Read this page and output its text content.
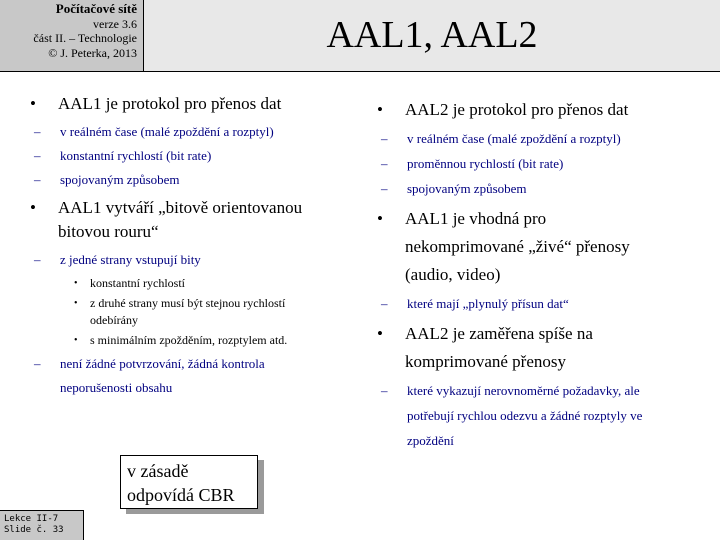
Počítačové sítě
verze 3.6
část II. – Technologie
© J. Peterka, 2013	AAL1, AAL2
• AAL1 je protokol pro přenos dat
– v reálném čase (malé zpoždění a rozptyl)
– konstantní rychlostí (bit rate)
– spojovaným způsobem
• AAL1 vytváří „bitově orientovanou bitovou rouru“
– z jedné strany vstupují bity
• konstantní rychlostí
• z druhé strany musí být stejnou rychlostí odebírány
• s minimálním zpožděním, rozptylem atd.
– není žádné potvrzování, žádná kontrola neporušenosti obsahu
• AAL2 je protokol pro přenos dat
– v reálném čase (malé zpoždění a rozptyl)
– proměnnou rychlostí (bit rate)
– spojovaným způsobem
• AAL1 je vhodná pro nekomprimované „živé“ přenosy (audio, video)
– které mají „plynulý přísun dat“
• AAL2 je zaměřena spíše na komprimované přenosy
– které vykazují nerovnoměrné požadavky, ale potřebují rychlou odezvu a žádné rozptyly ve zpoždění
v zásadě
odpovídá CBR
Lekce II-7
Slide č. 33
